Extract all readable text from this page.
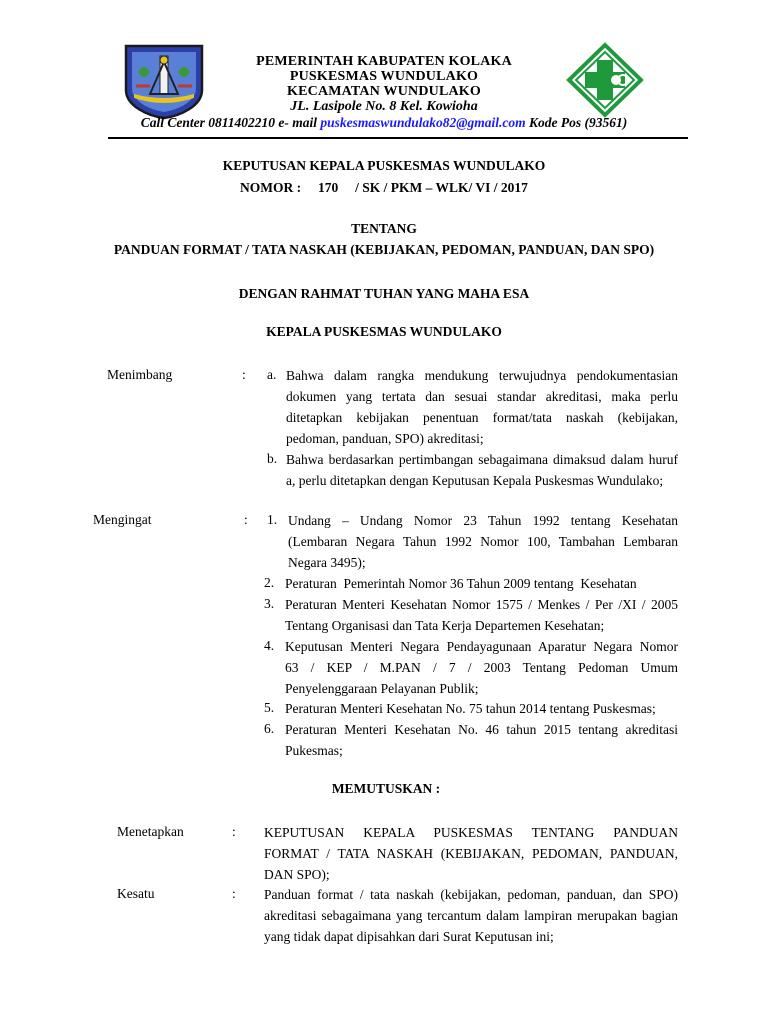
PEMERINTAH KABUPATEN KOLAKA
PUSKESMAS WUNDULAKO
KECAMATAN WUNDULAKO
JL. Lasipole No. 8 Kel. Kowioha
Call Center 0811402210 e- mail puskesmaswundulako82@gmail.com Kode Pos (93561)
KEPUTUSAN KEPALA PUSKESMAS WUNDULAKO
NOMOR :     170     / SK / PKM – WLK/ VI / 2017
TENTANG
PANDUAN FORMAT / TATA NASKAH (KEBIJAKAN, PEDOMAN, PANDUAN, DAN SPO)
DENGAN RAHMAT TUHAN YANG MAHA ESA
KEPALA PUSKESMAS WUNDULAKO
Menimbang	: a. Bahwa dalam rangka mendukung terwujudnya pendokumentasian
dokumen yang tertata dan sesuai standar akreditasi, maka perlu
ditetapkan kebijakan penentuan format/tata naskah (kebijakan,
pedoman, panduan, SPO) akreditasi;
b. Bahwa berdasarkan pertimbangan sebagaimana dimaksud dalam huruf
a, perlu ditetapkan dengan Keputusan Kepala Puskesmas Wundulako;
Mengingat	: 1. Undang – Undang Nomor 23 Tahun 1992 tentang Kesehatan
(Lembaran Negara Tahun 1992 Nomor 100, Tambahan Lembaran
Negara 3495);
2. Peraturan  Pemerintah Nomor 36 Tahun 2009 tentang  Kesehatan
3. Peraturan Menteri Kesehatan Nomor 1575 / Menkes / Per /XI / 2005
Tentang Organisasi dan Tata Kerja Departemen Kesehatan;
4. Keputusan Menteri Negara Pendayagunaan Aparatur Negara Nomor
63 / KEP / M.PAN / 7 / 2003 Tentang Pedoman Umum
Penyelenggaraan Pelayanan Publik;
5. Peraturan Menteri Kesehatan No. 75 tahun 2014 tentang Puskesmas;
6. Peraturan Menteri Kesehatan No. 46 tahun 2015 tentang akreditasi
Pukesmas;
MEMUTUSKAN :
Menetapkan	: KEPUTUSAN KEPALA PUSKESMAS TENTANG PANDUAN
FORMAT / TATA NASKAH (KEBIJAKAN, PEDOMAN, PANDUAN,
DAN SPO);
Kesatu	: Panduan format / tata naskah (kebijakan, pedoman, panduan, dan SPO)
akreditasi sebagaimana yang tercantum dalam lampiran merupakan bagian
yang tidak dapat dipisahkan dari Surat Keputusan ini;
